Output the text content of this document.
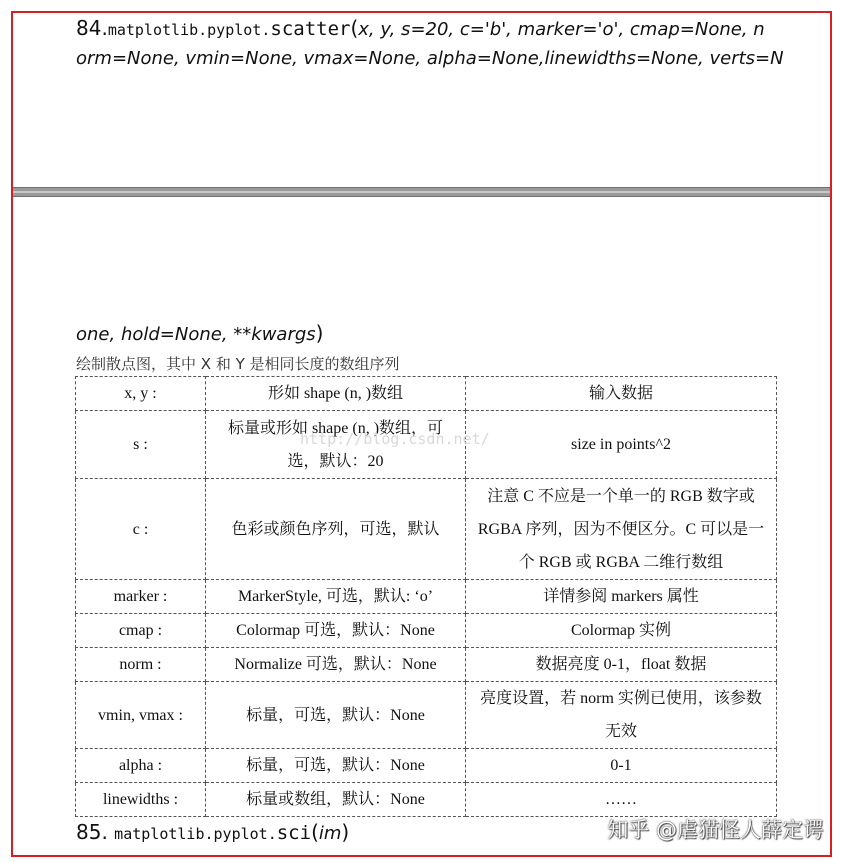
84.matplotlib.pyplot.scatter(x, y, s=20, c='b', marker='o', cmap=None, n
orm=None, vmin=None, vmax=None, alpha=None,linewidths=None, verts=N
one, hold=None, **kwargs)
绘制散点图，其中 X 和 Y 是相同长度的数组序列
x, y :	形如 shape (n, )数组	输入数据
s :	标量或形如 shape (n, )数组，可选，默认：20	size in points^2
c :	色彩或颜色序列，可选，默认	注意 C 不应是一个单一的 RGB 数字或 RGBA 序列，因为不便区分。C 可以是一个 RGB 或 RGBA 二维行数组
marker :	MarkerStyle, 可选，默认: ‘o’	详情参阅 markers 属性
cmap :	Colormap 可选，默认：None	Colormap 实例
norm :	Normalize 可选，默认：None	数据亮度 0-1，float 数据
vmin, vmax :	标量，可选，默认：None	亮度设置，若 norm 实例已使用，该参数无效
alpha :	标量，可选，默认：None	0-1
linewidths :	标量或数组，默认：None	……
http://blog.csdn.net/
85. matplotlib.pyplot.sci(im)	知乎 @虐猫怪人薛定谔
